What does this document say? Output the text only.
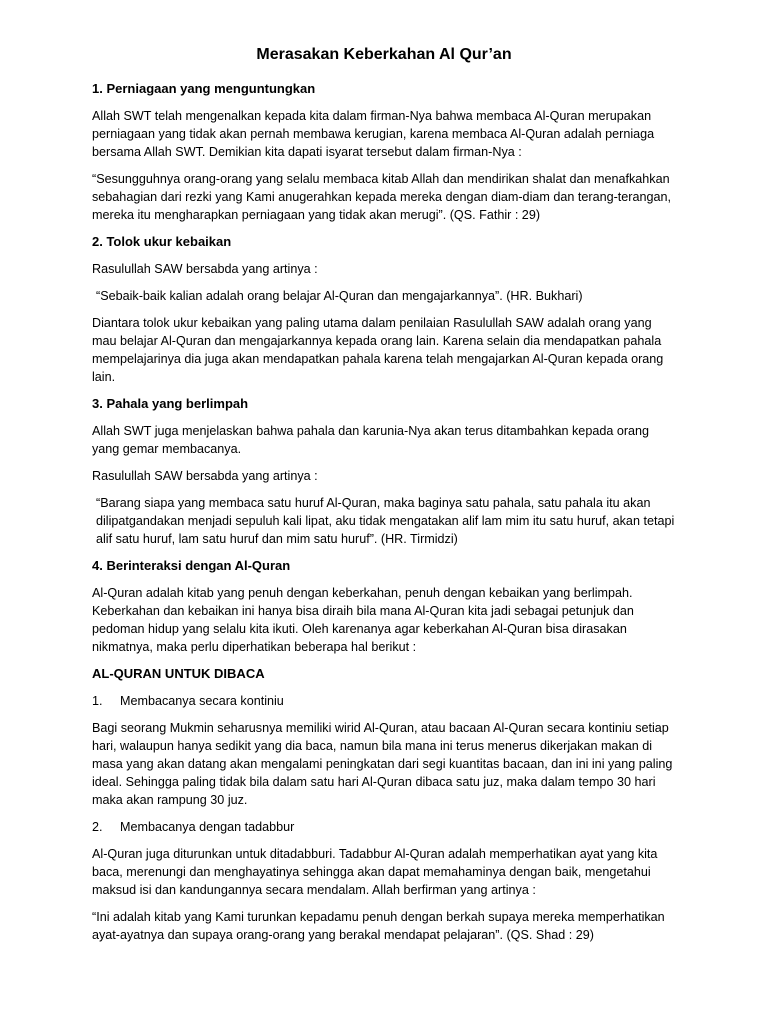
Merasakan Keberkahan Al Qur’an
1. Perniagaan yang menguntungkan

Allah SWT telah mengenalkan kepada kita dalam firman-Nya bahwa membaca Al-Quran merupakan perniagaan yang tidak akan pernah membawa kerugian, karena membaca Al-Quran adalah perniaga bersama Allah SWT. Demikian kita dapati isyarat tersebut dalam firman-Nya :

“Sesungguhnya orang-orang yang selalu membaca kitab Allah dan mendirikan shalat dan menafkahkan sebahagian dari rezki yang Kami anugerahkan kepada mereka dengan diam-diam dan terang-terangan, mereka itu mengharapkan perniagaan yang tidak akan merugi”. (QS. Fathir : 29)

2. Tolok ukur kebaikan

Rasulullah SAW bersabda yang artinya :

“Sebaik-baik kalian adalah orang belajar Al-Quran dan mengajarkannya”. (HR. Bukhari)

Diantara tolok ukur kebaikan yang paling utama dalam penilaian Rasulullah SAW adalah orang yang mau belajar Al-Quran dan mengajarkannya kepada orang lain. Karena selain dia mendapatkan pahala mempelajarinya dia juga akan mendapatkan pahala karena telah mengajarkan Al-Quran kepada orang lain.

3. Pahala yang berlimpah

Allah SWT juga menjelaskan bahwa pahala dan karunia-Nya akan terus ditambahkan kepada orang yang gemar membacanya.

Rasulullah SAW bersabda yang artinya :

“Barang siapa yang membaca satu huruf Al-Quran, maka baginya satu pahala, satu pahala itu akan dilipatgandakan menjadi sepuluh kali lipat, aku tidak mengatakan alif lam mim itu satu huruf, akan tetapi alif satu huruf, lam satu huruf dan mim satu huruf”. (HR. Tirmidzi)

4. Berinteraksi dengan Al-Quran

Al-Quran adalah kitab yang penuh dengan keberkahan, penuh dengan kebaikan yang berlimpah. Keberkahan dan kebaikan ini hanya bisa diraih bila mana Al-Quran kita jadi sebagai petunjuk dan pedoman hidup yang selalu kita ikuti. Oleh karenanya agar keberkahan Al-Quran bisa dirasakan nikmatnya, maka perlu diperhatikan beberapa hal berikut :

AL-QURAN UNTUK DIBACA
1.	Membacanya secara kontiniu

Bagi seorang Mukmin seharusnya memiliki wirid Al-Quran, atau bacaan Al-Quran secara kontiniu setiap hari, walaupun hanya sedikit yang dia baca, namun bila mana ini terus menerus dikerjakan makan di masa yang akan datang akan mengalami peningkatan dari segi kuantitas bacaan, dan ini ini yang paling ideal. Sehingga paling tidak bila dalam satu hari Al-Quran dibaca satu juz, maka dalam tempo 30 hari maka akan rampung 30 juz.

2.	Membacanya dengan tadabbur

Al-Quran juga diturunkan untuk ditadabburi. Tadabbur Al-Quran adalah memperhatikan ayat yang kita baca, merenungi dan menghayatinya sehingga akan dapat memahaminya dengan baik, mengetahui maksud isi dan kandungannya secara mendalam. Allah berfirman yang artinya :

“Ini adalah kitab yang Kami turunkan kepadamu penuh dengan berkah supaya mereka memperhatikan ayat-ayatnya dan supaya orang-orang yang berakal mendapat pelajaran”. (QS. Shad : 29)
